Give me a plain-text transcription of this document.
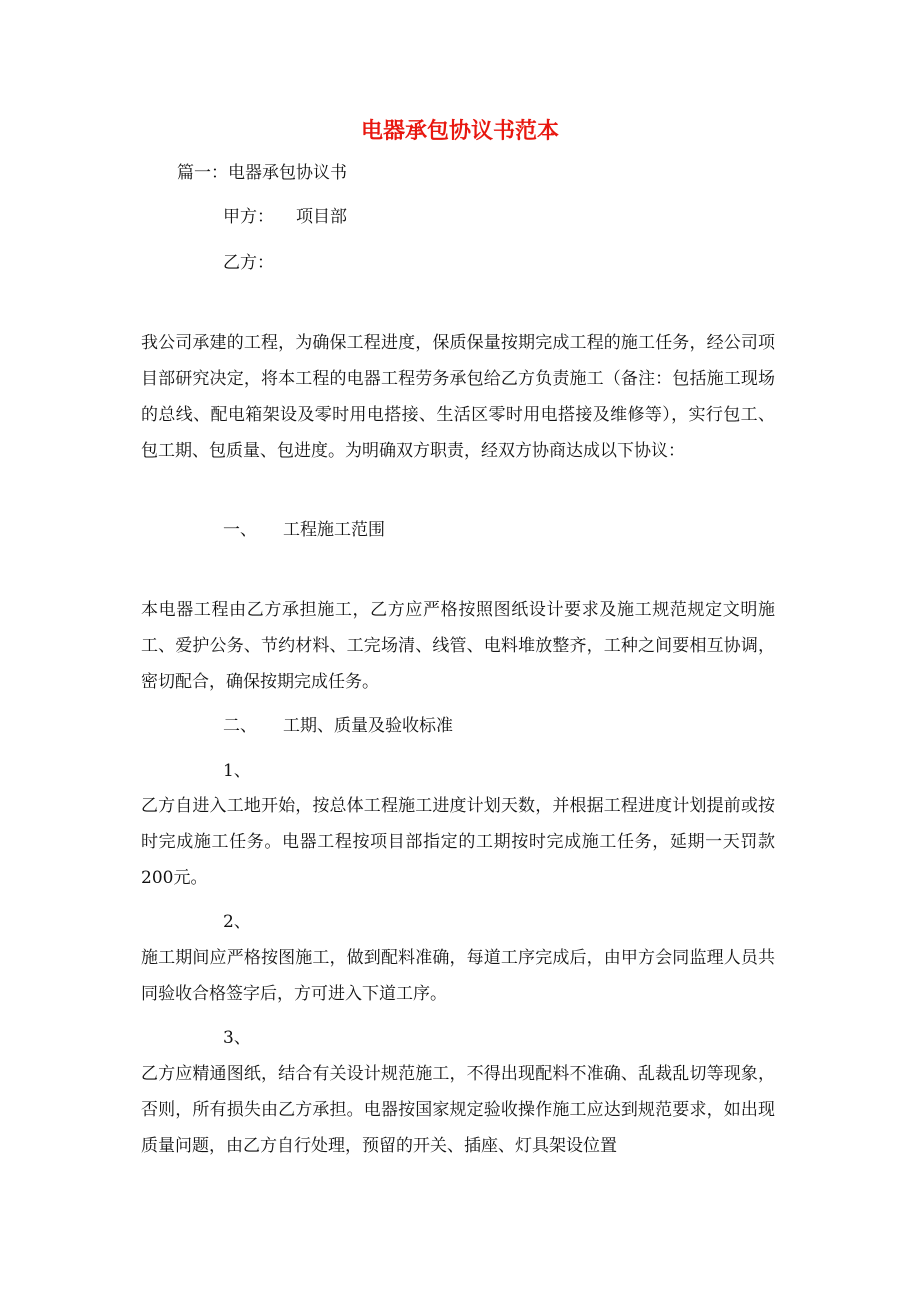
电器承包协议书范本
篇一：电器承包协议书
甲方： 项目部
乙方：
我公司承建的工程，为确保工程进度，保质保量按期完成工程的施工任务，经公司项目部研究决定，将本工程的电器工程劳务承包给乙方负责施工（备注：包括施工现场的总线、配电箱架设及零时用电搭接、生活区零时用电搭接及维修等），实行包工、包工期、包质量、包进度。为明确双方职责，经双方协商达成以下协议：
一、 工程施工范围
本电器工程由乙方承担施工，乙方应严格按照图纸设计要求及施工规范规定文明施工、爱护公务、节约材料、工完场清、线管、电料堆放整齐，工种之间要相互协调，密切配合，确保按期完成任务。
二、 工期、质量及验收标准
1、
乙方自进入工地开始，按总体工程施工进度计划天数，并根据工程进度计划提前或按时完成施工任务。电器工程按项目部指定的工期按时完成施工任务，延期一天罚款200元。
2、
施工期间应严格按图施工，做到配料准确，每道工序完成后，由甲方会同监理人员共同验收合格签字后，方可进入下道工序。
3、
乙方应精通图纸，结合有关设计规范施工，不得出现配料不准确、乱裁乱切等现象，否则，所有损失由乙方承担。电器按国家规定验收操作施工应达到规范要求，如出现质量问题，由乙方自行处理，预留的开关、插座、灯具架设位置
